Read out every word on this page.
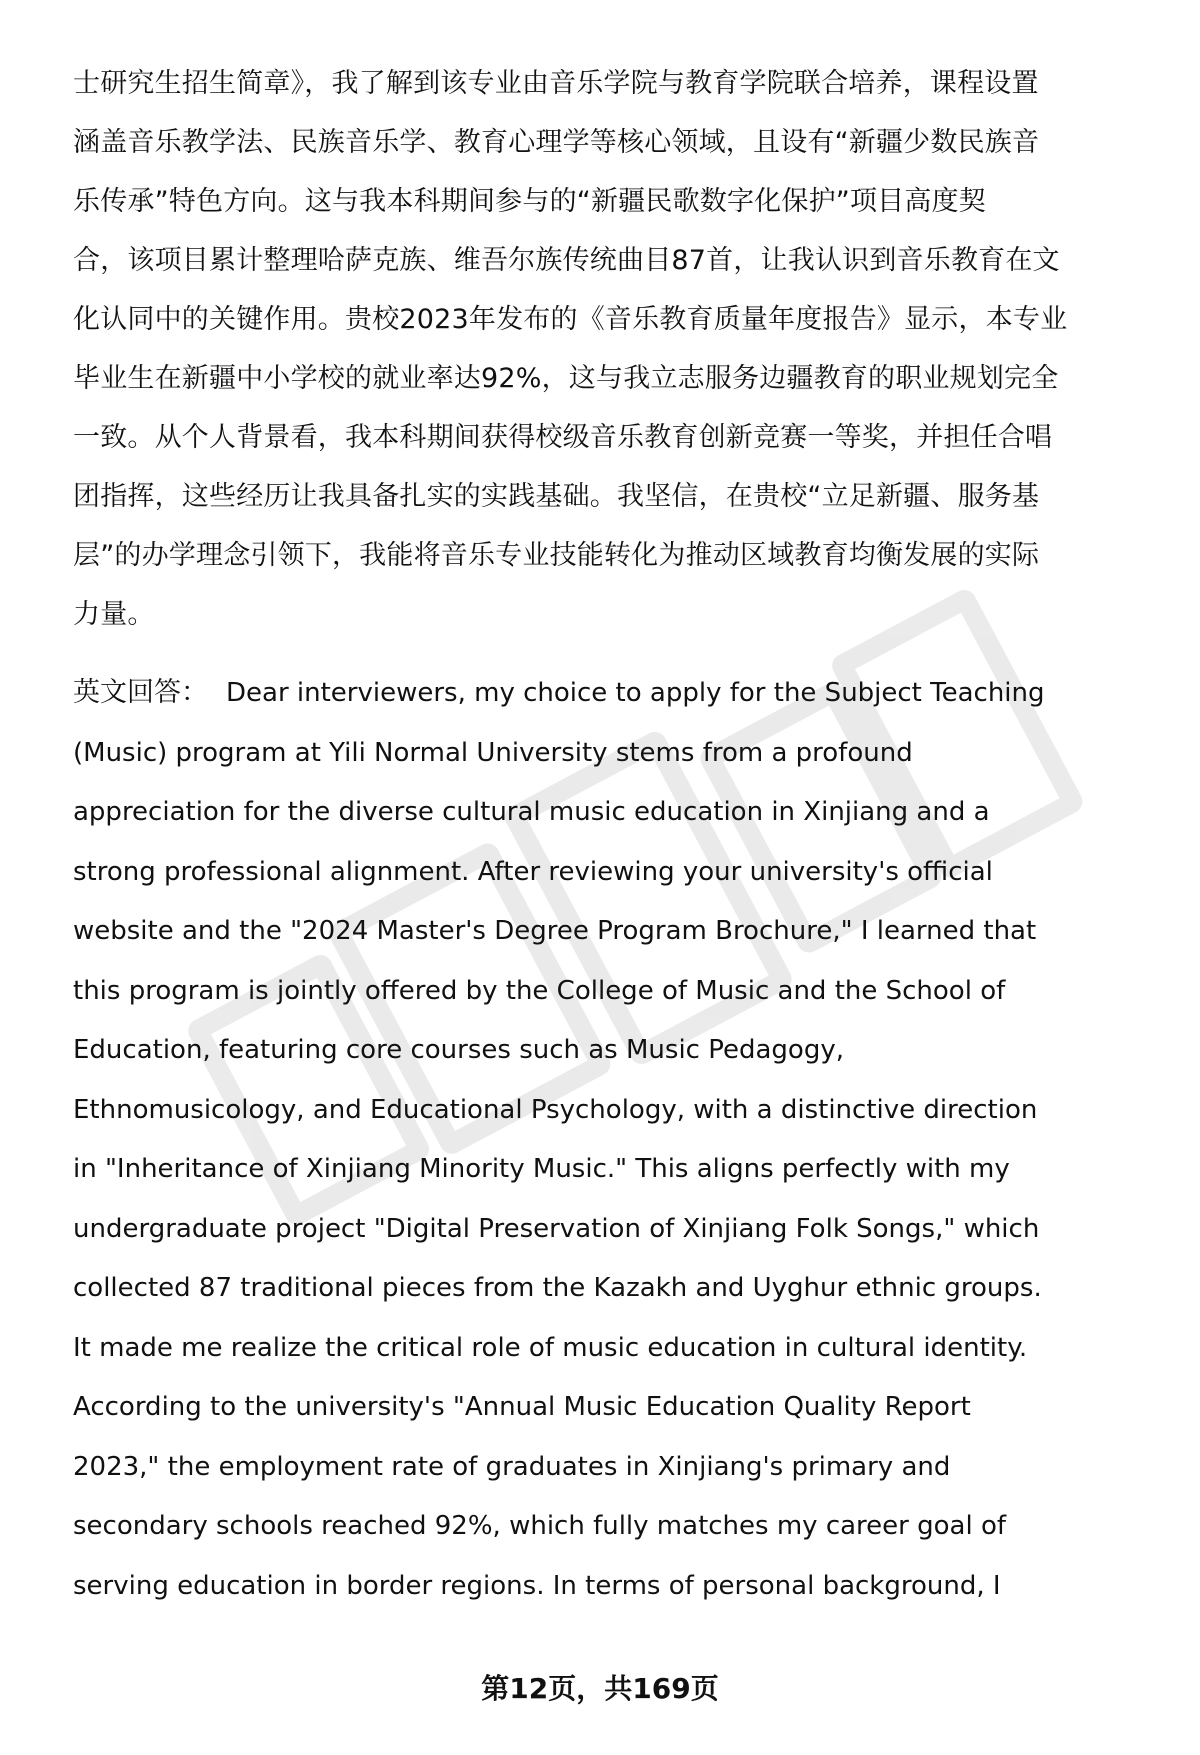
士研究生招生简章》，我了解到该专业由音乐学院与教育学院联合培养，课程设置
涵盖音乐教学法、民族音乐学、教育心理学等核心领域，且设有“新疆少数民族音
乐传承”特色方向。这与我本科期间参与的“新疆民歌数字化保护”项目高度契
合，该项目累计整理哈萨克族、维吾尔族传统曲目87首，让我认识到音乐教育在文
化认同中的关键作用。贵校2023年发布的《音乐教育质量年度报告》显示，本专业
毕业生在新疆中小学校的就业率达92%，这与我立志服务边疆教育的职业规划完全
一致。从个人背景看，我本科期间获得校级音乐教育创新竞赛一等奖，并担任合唱
团指挥，这些经历让我具备扎实的实践基础。我坚信，在贵校“立足新疆、服务基
层”的办学理念引领下，我能将音乐专业技能转化为推动区域教育均衡发展的实际
力量。

英文回答： Dear interviewers, my choice to apply for the Subject Teaching
(Music) program at Yili Normal University stems from a profound
appreciation for the diverse cultural music education in Xinjiang and a
strong professional alignment. After reviewing your university's official
website and the "2024 Master's Degree Program Brochure," I learned that
this program is jointly offered by the College of Music and the School of
Education, featuring core courses such as Music Pedagogy,
Ethnomusicology, and Educational Psychology, with a distinctive direction
in "Inheritance of Xinjiang Minority Music." This aligns perfectly with my
undergraduate project "Digital Preservation of Xinjiang Folk Songs," which
collected 87 traditional pieces from the Kazakh and Uyghur ethnic groups.
It made me realize the critical role of music education in cultural identity.
According to the university's "Annual Music Education Quality Report
2023," the employment rate of graduates in Xinjiang's primary and
secondary schools reached 92%, which fully matches my career goal of
serving education in border regions. In terms of personal background, I

第12页，共169页
